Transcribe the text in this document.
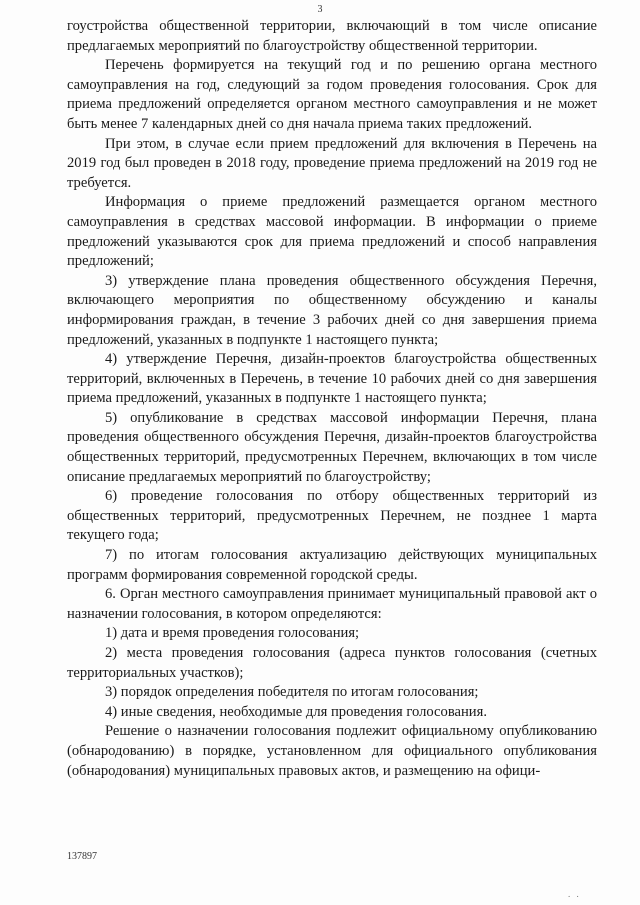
3

гоустройства общественной территории, включающий в том числе описание предлагаемых мероприятий по благоустройству общественной территории.

Перечень формируется на текущий год и по решению органа местного самоуправления на год, следующий за годом проведения голосования. Срок для приема предложений определяется органом местного самоуправления и не может быть менее 7 календарных дней со дня начала приема таких предложений.

При этом, в случае если прием предложений для включения в Перечень на 2019 год был проведен в 2018 году, проведение приема предложений на 2019 год не требуется.

Информация о приеме предложений размещается органом местного самоуправления в средствах массовой информации. В информации о приеме предложений указываются срок для приема предложений и способ направления предложений;

3) утверждение плана проведения общественного обсуждения Перечня, включающего мероприятия по общественному обсуждению и каналы информирования граждан, в течение 3 рабочих дней со дня завершения приема предложений, указанных в подпункте 1 настоящего пункта;

4) утверждение Перечня, дизайн-проектов благоустройства общественных территорий, включенных в Перечень, в течение 10 рабочих дней со дня завершения приема предложений, указанных в подпункте 1 настоящего пункта;

5) опубликование в средствах массовой информации Перечня, плана проведения общественного обсуждения Перечня, дизайн-проектов благоустройства общественных территорий, предусмотренных Перечнем, включающих в том числе описание предлагаемых мероприятий по благоустройству;

6) проведение голосования по отбору общественных территорий из общественных территорий, предусмотренных Перечнем, не позднее 1 марта текущего года;

7) по итогам голосования актуализацию действующих муниципальных программ формирования современной городской среды.

6. Орган местного самоуправления принимает муниципальный правовой акт о назначении голосования, в котором определяются:

1) дата и время проведения голосования;

2) места проведения голосования (адреса пунктов голосования (счетных территориальных участков);

3) порядок определения победителя по итогам голосования;

4) иные сведения, необходимые для проведения голосования.

Решение о назначении голосования подлежит официальному опубликованию (обнародованию) в порядке, установленном для официального опубликования (обнародования) муниципальных правовых актов, и размещению на офици-

137897
. .
